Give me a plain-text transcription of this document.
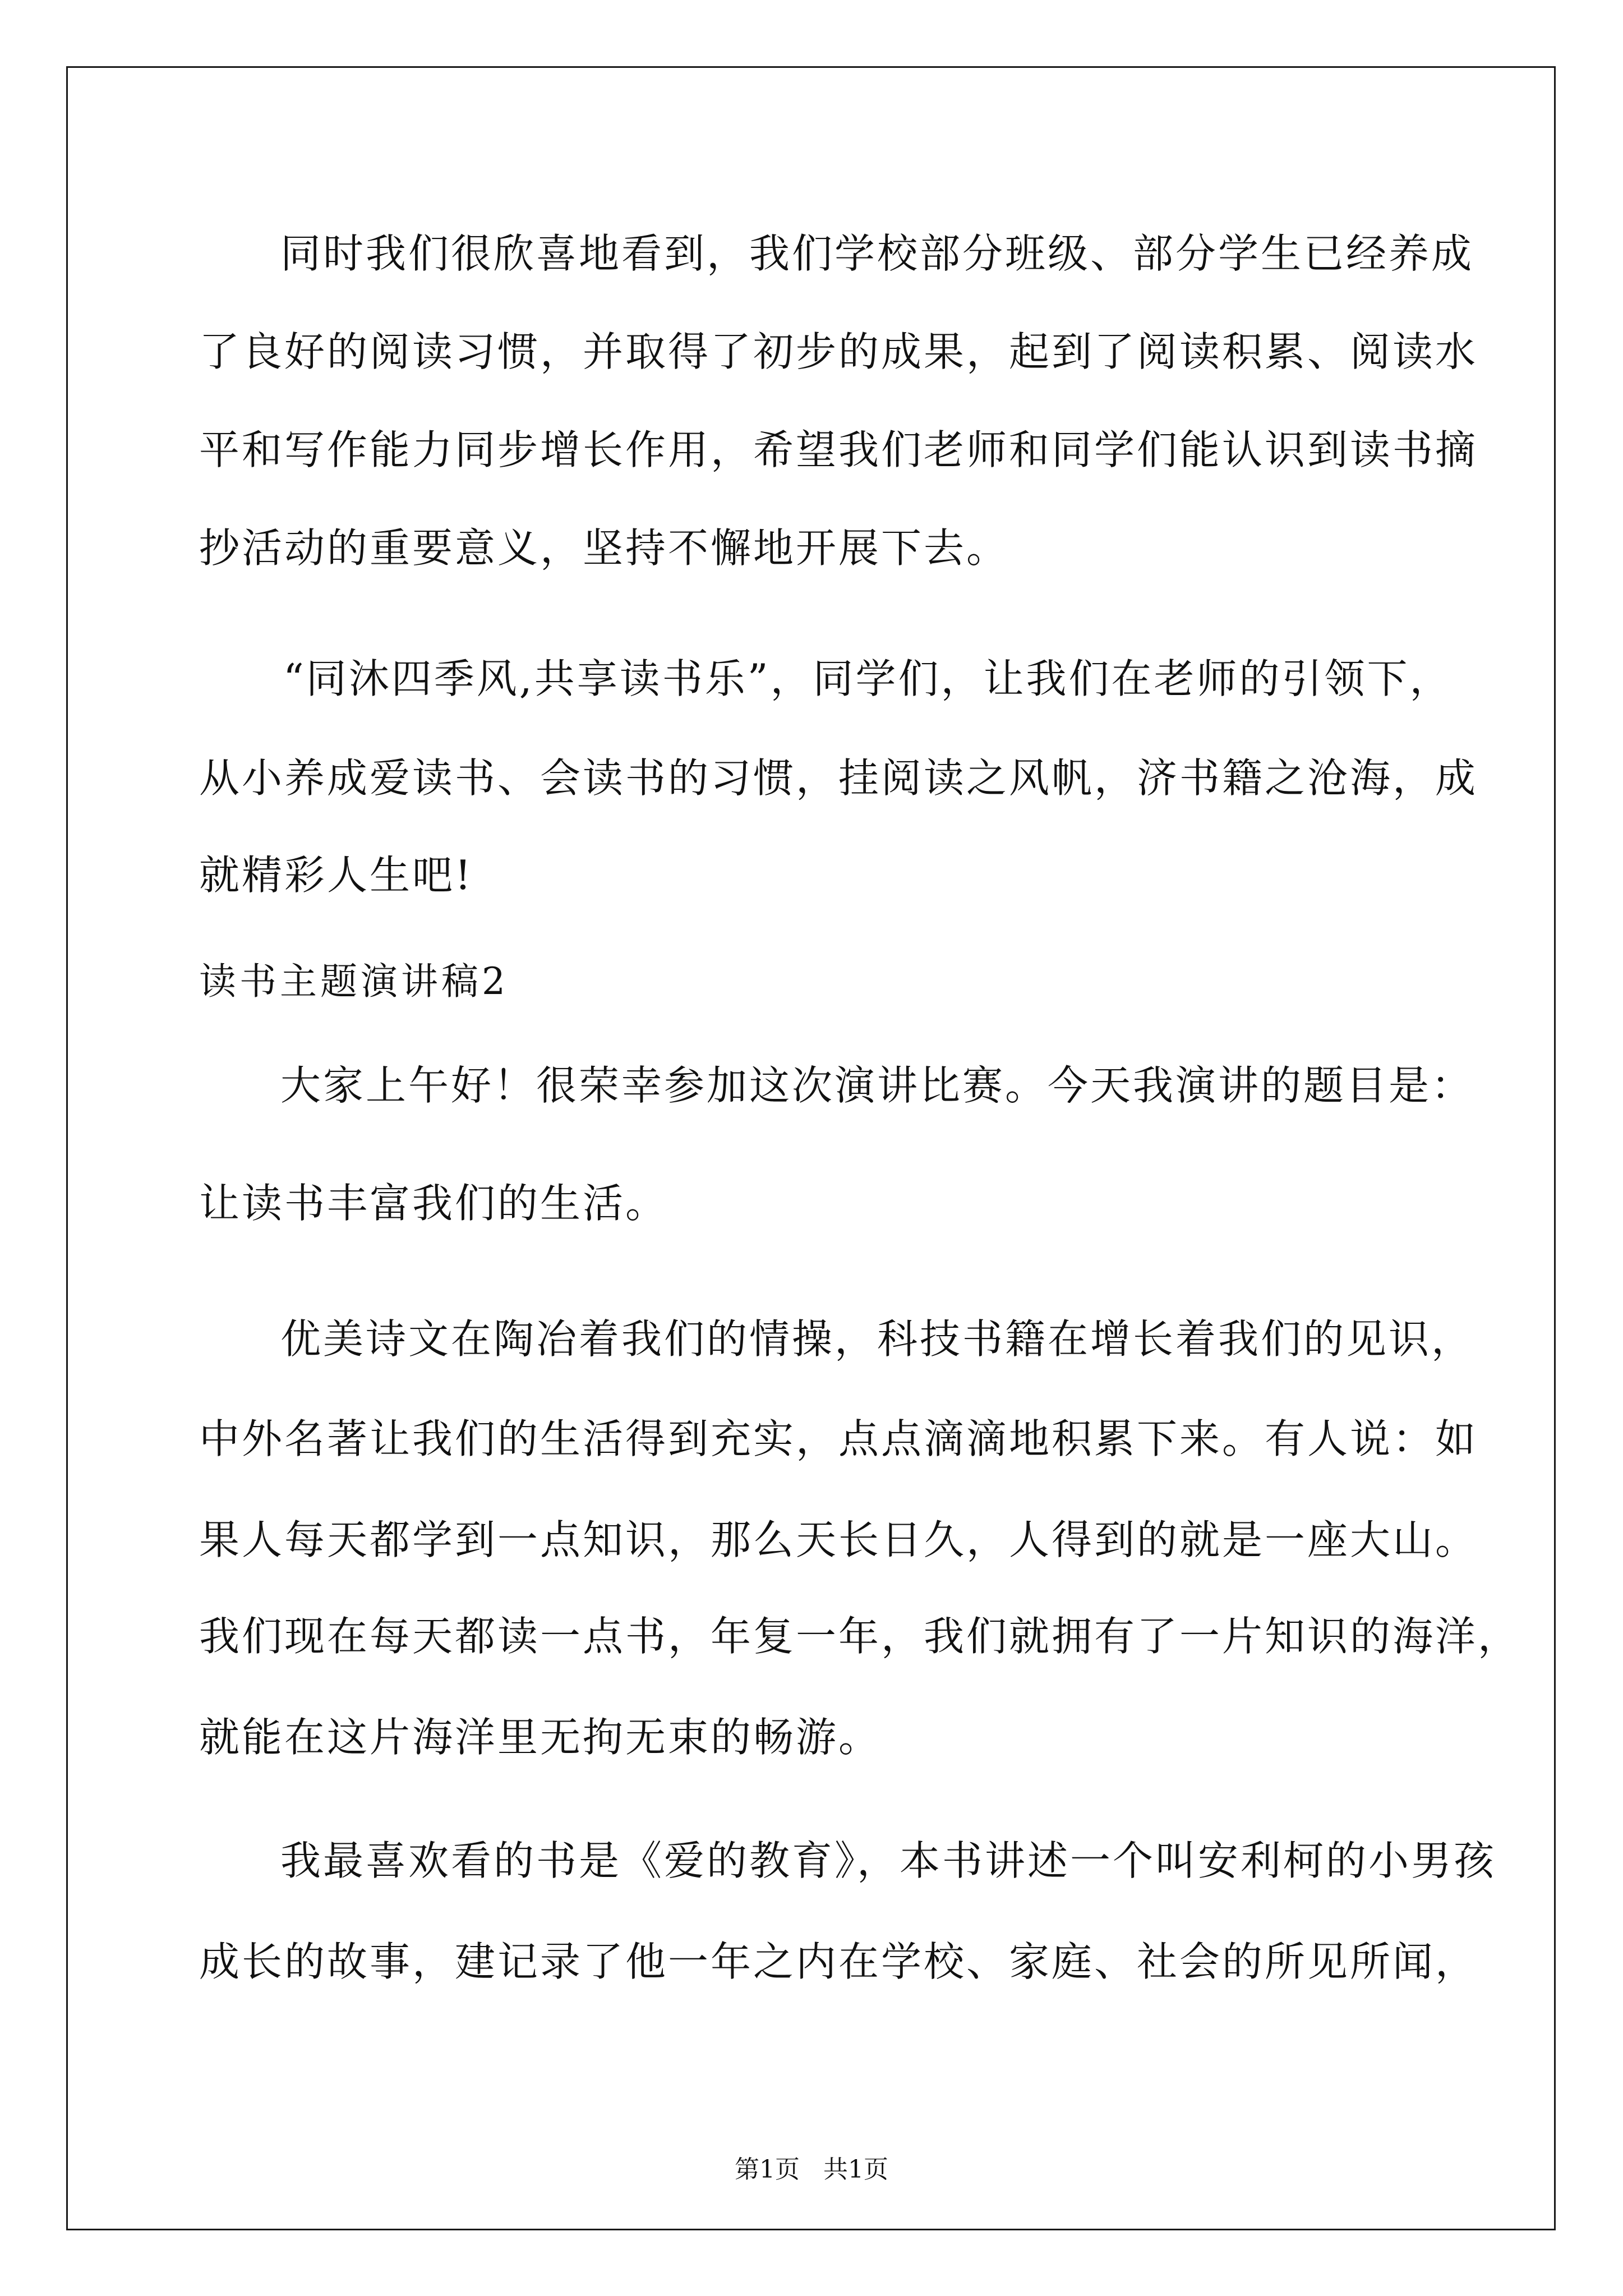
同时我们很欣喜地看到，我们学校部分班级、部分学生已经养成

了良好的阅读习惯，并取得了初步的成果，起到了阅读积累、阅读水

平和写作能力同步增长作用，希望我们老师和同学们能认识到读书摘

抄活动的重要意义，坚持不懈地开展下去。

“同沐四季风,共享读书乐”，同学们，让我们在老师的引领下，

从小养成爱读书、会读书的习惯，挂阅读之风帆，济书籍之沧海，成

就精彩人生吧!

读书主题演讲稿2

大家上午好！很荣幸参加这次演讲比赛。今天我演讲的题目是：

让读书丰富我们的生活。

优美诗文在陶冶着我们的情操，科技书籍在增长着我们的见识，

中外名著让我们的生活得到充实，点点滴滴地积累下来。有人说：如

果人每天都学到一点知识，那么天长日久，人得到的就是一座大山。

我们现在每天都读一点书，年复一年，我们就拥有了一片知识的海洋，

就能在这片海洋里无拘无束的畅游。

我最喜欢看的书是《爱的教育》，本书讲述一个叫安利柯的小男孩

成长的故事，建记录了他一年之内在学校、家庭、社会的所见所闻，

第1页   共1页
